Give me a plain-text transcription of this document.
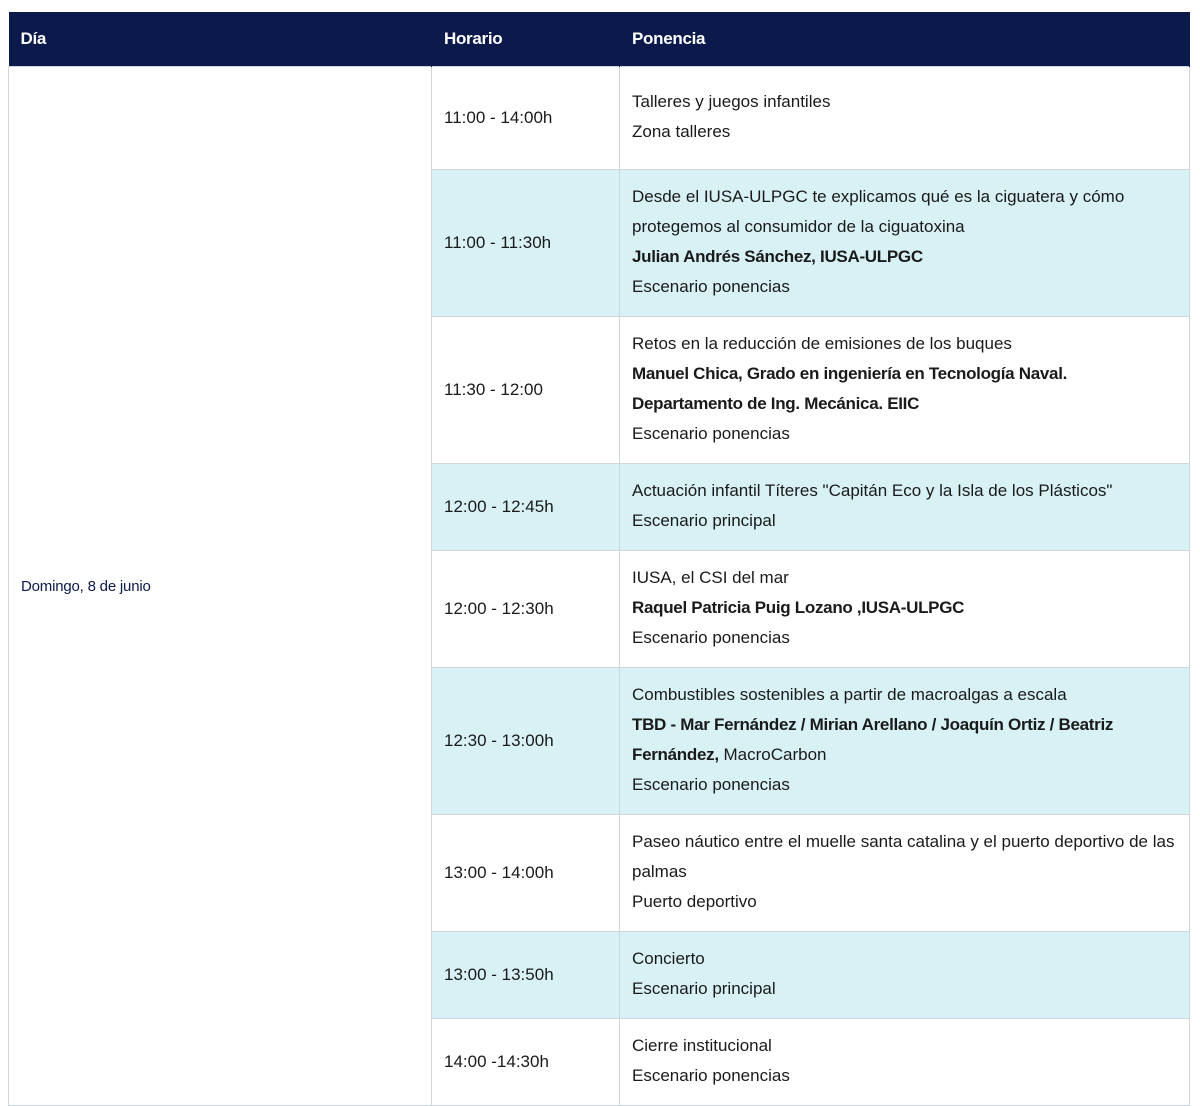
Día	Horario	Ponencia
Domingo, 8 de junio	11:00 - 14:00h	Talleres y juegos infantiles
Zona talleres

	11:00 - 11:30h	Desde el IUSA-ULPGC te explicamos qué es la ciguatera y cómo protegemos al consumidor de la ciguatoxina
Julian Andrés Sánchez, IUSA-ULPGC
Escenario ponencias

	11:30 - 12:00	Retos en la reducción de emisiones de los buques
Manuel Chica, Grado en ingeniería en Tecnología Naval. Departamento de Ing. Mecánica. EIIC
Escenario ponencias

	12:00 - 12:45h	Actuación infantil Títeres "Capitán Eco y la Isla de los Plásticos"
Escenario principal

	12:00 - 12:30h	IUSA, el CSI del mar
Raquel Patricia Puig Lozano ,IUSA-ULPGC
Escenario ponencias

	12:30 - 13:00h	Combustibles sostenibles a partir de macroalgas a escala
TBD - Mar Fernández / Mirian Arellano / Joaquín Ortiz / Beatriz Fernández, MacroCarbon
Escenario ponencias

	13:00 - 14:00h	Paseo náutico entre el muelle santa catalina y el puerto deportivo de las palmas
Puerto deportivo

	13:00 - 13:50h	Concierto
Escenario principal

	14:00 -14:30h	Cierre institucional
Escenario ponencias
